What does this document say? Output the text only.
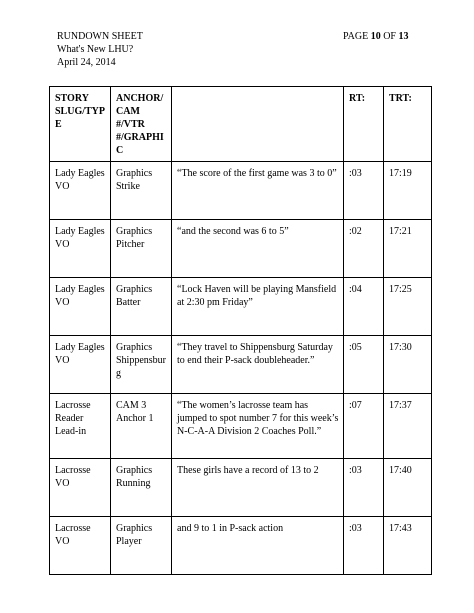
RUNDOWN SHEET
What's New LHU?
April 24, 2014
PAGE 10 OF 13
STORY SLUG/TYPE	ANCHOR/ CAM #/VTR #/GRAPHIC		RT:	TRT:
Lady Eagles VO	Graphics Strike	“The score of the first game was 3 to 0”	:03	17:19
Lady Eagles VO	Graphics Pitcher	“and the second was 6 to 5”	:02	17:21
Lady Eagles VO	Graphics Batter	“Lock Haven will be playing Mansfield at 2:30 pm Friday”	:04	17:25
Lady Eagles VO	Graphics Shippensburg	“They travel to Shippensburg Saturday to end their P-sack doubleheader.”	:05	17:30
Lacrosse Reader Lead-in	CAM 3 Anchor 1	“The women’s lacrosse team has jumped to spot number 7 for this week’s N-C-A-A Division 2 Coaches Poll.”	:07	17:37
Lacrosse VO	Graphics Running	These girls have a record of 13 to 2	:03	17:40
Lacrosse VO	Graphics Player	and 9 to 1 in P-sack action	:03	17:43
